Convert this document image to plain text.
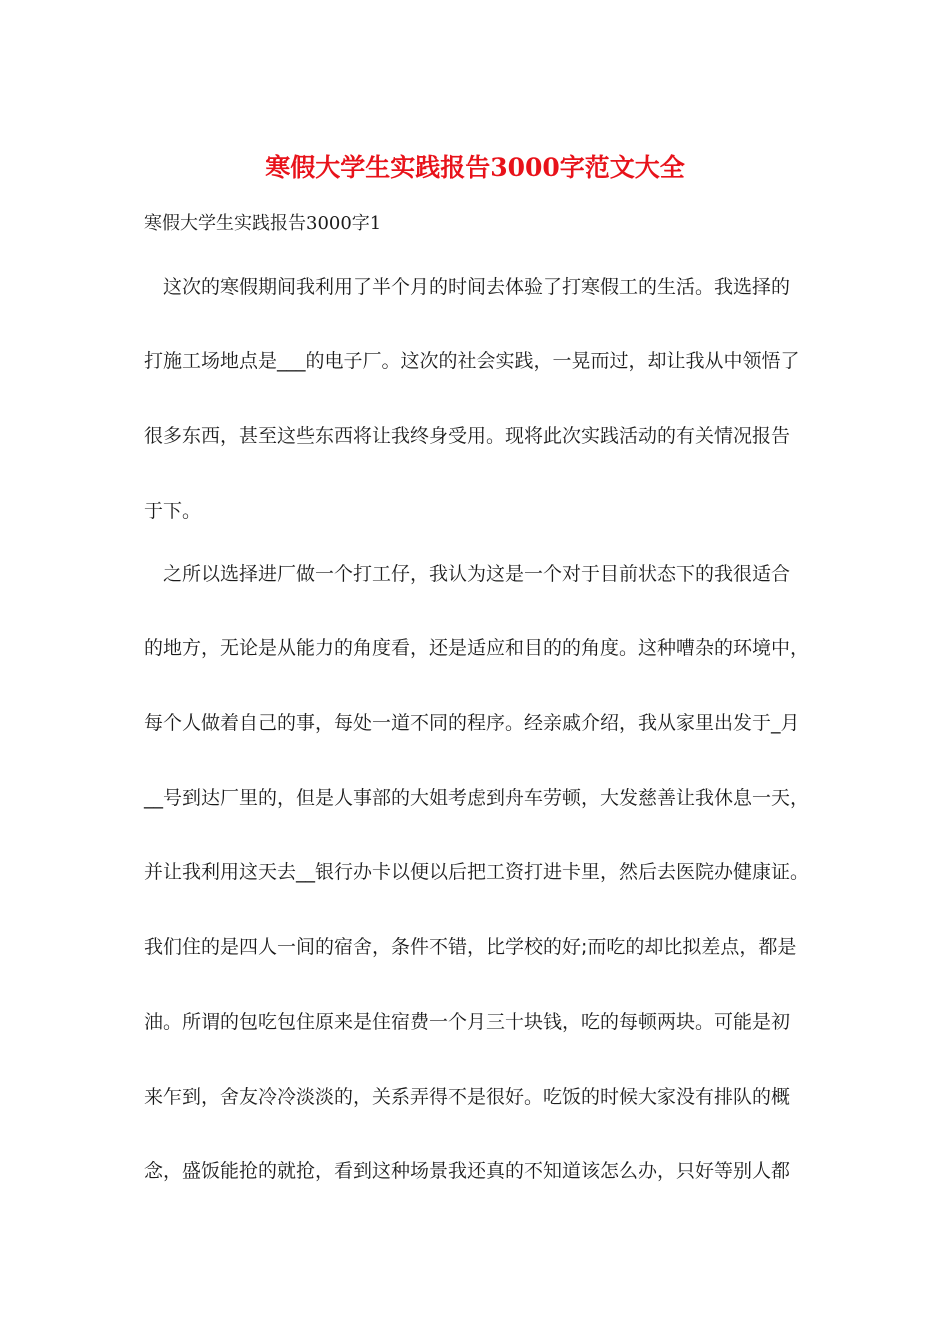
寒假大学生实践报告3000字范文大全
寒假大学生实践报告3000字1
这次的寒假期间我利用了半个月的时间去体验了打寒假工的生活。我选择的
打施工场地点是___的电子厂。这次的社会实践，一晃而过，却让我从中领悟了
很多东西，甚至这些东西将让我终身受用。现将此次实践活动的有关情况报告
于下。
之所以选择进厂做一个打工仔，我认为这是一个对于目前状态下的我很适合
的地方，无论是从能力的角度看，还是适应和目的的角度。这种嘈杂的环境中，
每个人做着自己的事，每处一道不同的程序。经亲戚介绍，我从家里出发于_月
__号到达厂里的，但是人事部的大姐考虑到舟车劳顿，大发慈善让我休息一天，
并让我利用这天去__银行办卡以便以后把工资打进卡里，然后去医院办健康证。
我们住的是四人一间的宿舍，条件不错，比学校的好;而吃的却比拟差点，都是
油。所谓的包吃包住原来是住宿费一个月三十块钱，吃的每顿两块。可能是初
来乍到，舍友冷冷淡淡的，关系弄得不是很好。吃饭的时候大家没有排队的概
念，盛饭能抢的就抢，看到这种场景我还真的不知道该怎么办，只好等别人都
